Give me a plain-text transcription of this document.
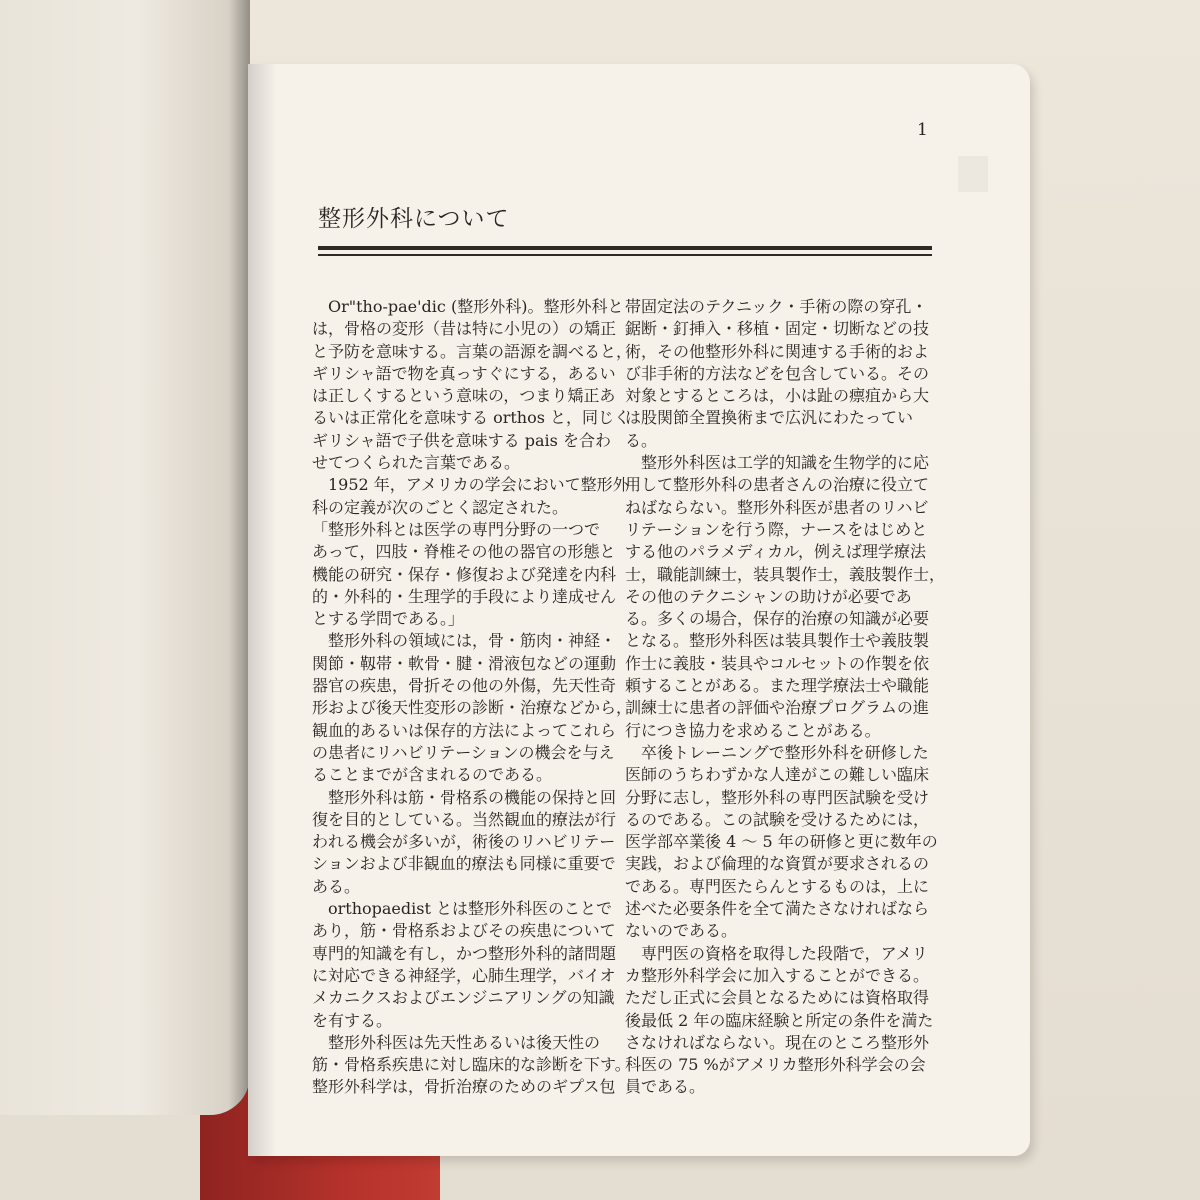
1
整形外科について
　Or"tho-pae'dic (整形外科)。整形外科と
は，骨格の変形（昔は特に小児の）の矯正
と予防を意味する。言葉の語源を調べると，
ギリシャ語で物を真っすぐにする，あるい
は正しくするという意味の，つまり矯正あ
るいは正常化を意味する orthos と，同じく
ギリシャ語で子供を意味する pais を合わ
せてつくられた言葉である。
　1952 年，アメリカの学会において整形外
科の定義が次のごとく認定された。
「整形外科とは医学の専門分野の一つで
あって，四肢・脊椎その他の器官の形態と
機能の研究・保存・修復および発達を内科
的・外科的・生理学的手段により達成せん
とする学問である。」
　整形外科の領域には，骨・筋肉・神経・
関節・靱帯・軟骨・腱・滑液包などの運動
器官の疾患，骨折その他の外傷，先天性奇
形および後天性変形の診断・治療などから，
観血的あるいは保存的方法によってこれら
の患者にリハビリテーションの機会を与え
ることまでが含まれるのである。
　整形外科は筋・骨格系の機能の保持と回
復を目的としている。当然観血的療法が行
われる機会が多いが，術後のリハビリテー
ションおよび非観血的療法も同様に重要で
ある。
　orthopaedist とは整形外科医のことで
あり，筋・骨格系およびその疾患について
専門的知識を有し，かつ整形外科的諸問題
に対応できる神経学，心肺生理学，バイオ
メカニクスおよびエンジニアリングの知識
を有する。
　整形外科医は先天性あるいは後天性の
筋・骨格系疾患に対し臨床的な診断を下す。
整形外科学は，骨折治療のためのギプス包
帯固定法のテクニック・手術の際の穿孔・
鋸断・釘挿入・移植・固定・切断などの技
術，その他整形外科に関連する手術的およ
び非手術的方法などを包含している。その
対象とするところは，小は趾の瘭疽から大
は股関節全置換術まで広汎にわたってい
る。
　整形外科医は工学的知識を生物学的に応
用して整形外科の患者さんの治療に役立て
ねばならない。整形外科医が患者のリハビ
リテーションを行う際，ナースをはじめと
する他のパラメディカル，例えば理学療法
士，職能訓練士，装具製作士，義肢製作士，
その他のテクニシャンの助けが必要であ
る。多くの場合，保存的治療の知識が必要
となる。整形外科医は装具製作士や義肢製
作士に義肢・装具やコルセットの作製を依
頼することがある。また理学療法士や職能
訓練士に患者の評価や治療プログラムの進
行につき協力を求めることがある。
　卒後トレーニングで整形外科を研修した
医師のうちわずかな人達がこの難しい臨床
分野に志し，整形外科の専門医試験を受け
るのである。この試験を受けるためには，
医学部卒業後 4 ～ 5 年の研修と更に数年の
実践，および倫理的な資質が要求されるの
である。専門医たらんとするものは，上に
述べた必要条件を全て満たさなければなら
ないのである。
　専門医の資格を取得した段階で，アメリ
カ整形外科学会に加入することができる。
ただし正式に会員となるためには資格取得
後最低 2 年の臨床経験と所定の条件を満た
さなければならない。現在のところ整形外
科医の 75 %がアメリカ整形外科学会の会
員である。
